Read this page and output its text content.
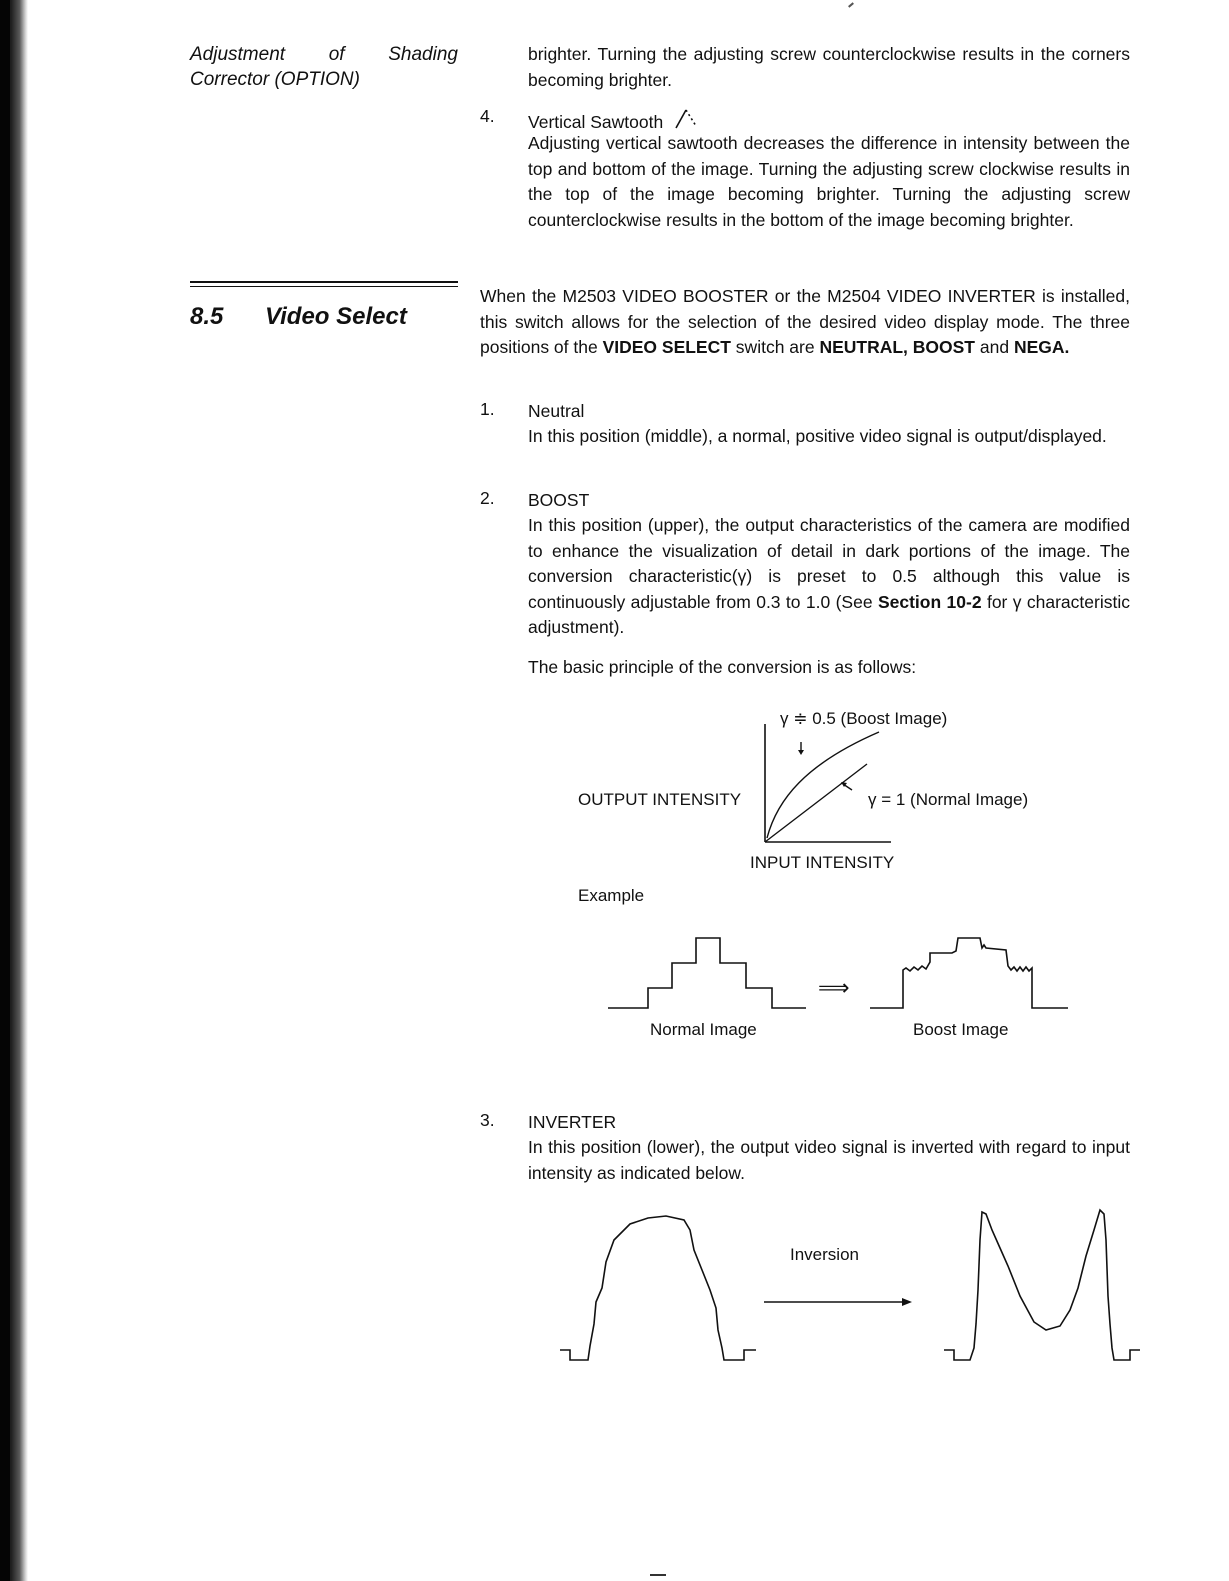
Adjustment of Shading
Corrector (OPTION)
brighter. Turning the adjusting screw counterclockwise results in the corners becoming brighter.
4. Vertical Sawtooth
Adjusting vertical sawtooth decreases the difference in intensity between the top and bottom of the image. Turning the adjusting screw clockwise results in the top of the image becoming brighter. Turning the adjusting screw counterclockwise results in the bottom of the image becoming brighter.
8.5 Video Select
When the M2503 VIDEO BOOSTER or the M2504 VIDEO INVERTER is installed, this switch allows for the selection of the desired video display mode. The three positions of the VIDEO SELECT switch are NEUTRAL, BOOST and NEGA.
1. Neutral
In this position (middle), a normal, positive video signal is output/displayed.
2. BOOST
In this position (upper), the output characteristics of the camera are modified to enhance the visualization of detail in dark portions of the image. The conversion characteristic(γ) is preset to 0.5 although this value is continuously adjustable from 0.3 to 1.0 (See Section 10-2 for γ characteristic adjustment).
The basic principle of the conversion is as follows:
γ ≑ 0.5 (Boost Image)
OUTPUT INTENSITY	γ = 1 (Normal Image)
INPUT INTENSITY
Example
⟹
Normal Image	Boost Image
3. INVERTER
In this position (lower), the output video signal is inverted with regard to input intensity as indicated below.
Inversion
